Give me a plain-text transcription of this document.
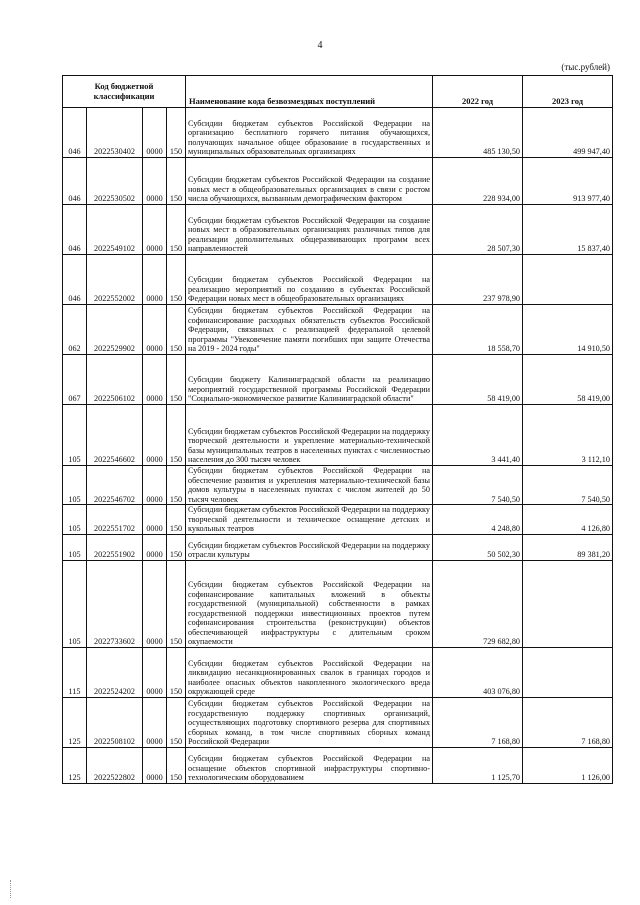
4
(тыс.рублей)
Код бюджетной классификации				Наименование кода безвозмездных поступлений	2022 год	2023 год
046	2022530402	0000	150	Субсидии бюджетам субъектов Российской Федерации на организацию бесплатного горячего питания обучающихся, получающих начальное общее образование в государственных и муниципальных образовательных организациях	485 130,50	499 947,40
046	2022530502	0000	150	Субсидии бюджетам субъектов Российской Федерации на создание новых мест в общеобразовательных организациях в связи с ростом числа обучающихся, вызванным демографическим фактором	228 934,00	913 977,40
046	2022549102	0000	150	Субсидии бюджетам субъектов Российской Федерации на создание новых мест в образовательных организациях различных типов для реализации дополнительных общеразвивающих программ всех направленностей	28 507,30	15 837,40
046	2022552002	0000	150	Субсидии бюджетам субъектов Российской Федерации на реализацию мероприятий по созданию в субъектах Российской Федерации новых мест в общеобразовательных организациях	237 978,90	
062	2022529902	0000	150	Субсидии бюджетам субъектов Российской Федерации на софинансирование расходных обязательств субъектов Российской Федерации, связанных с реализацией федеральной целевой программы "Увековечение памяти погибших при защите Отечества на 2019 - 2024 годы"	18 558,70	14 910,50
067	2022506102	0000	150	Субсидии бюджету Калининградской области на реализацию мероприятий государственной программы Российской Федерации "Социально-экономическое развитие Калининградской области"	58 419,00	58 419,00
105	2022546602	0000	150	Субсидии бюджетам субъектов Российской Федерации на поддержку творческой деятельности и укрепление материально-технической базы муниципальных театров в населенных пунктах с численностью населения до 300 тысяч человек	3 441,40	3 112,10
105	2022546702	0000	150	Субсидии бюджетам субъектов Российской Федерации на обеспечение развития и укрепления материально-технической базы домов культуры в населенных пунктах с числом жителей до 50 тысяч человек	7 540,50	7 540,50
105	2022551702	0000	150	Субсидии бюджетам субъектов Российской Федерации на поддержку творческой деятельности и техническое оснащение детских и кукольных театров	4 248,80	4 126,80
105	2022551902	0000	150	Субсидии бюджетам субъектов Российской Федерации на поддержку отрасли культуры	50 502,30	89 381,20
105	2022733602	0000	150	Субсидии бюджетам субъектов Российской Федерации на софинансирование капитальных вложений в объекты государственной (муниципальной) собственности в рамках государственной поддержки инвестиционных проектов путем софинансирования строительства (реконструкции) объектов обеспечивающей инфраструктуры с длительным сроком окупаемости	729 682,80	
115	2022524202	0000	150	Субсидии бюджетам субъектов Российской Федерации на ликвидацию несанкционированных свалок в границах городов и наиболее опасных объектов накопленного экологического вреда окружающей среде	403 076,80	
125	2022508102	0000	150	Субсидии бюджетам субъектов Российской Федерации на государственную поддержку спортивных организаций, осуществляющих подготовку спортивного резерва для спортивных сборных команд, в том числе спортивных сборных команд Российской Федерации	7 168,80	7 168,80
125	2022522802	0000	150	Субсидии бюджетам субъектов Российской Федерации на оснащение объектов спортивной инфраструктуры спортивно-технологическим оборудованием	1 125,70	1 126,00
